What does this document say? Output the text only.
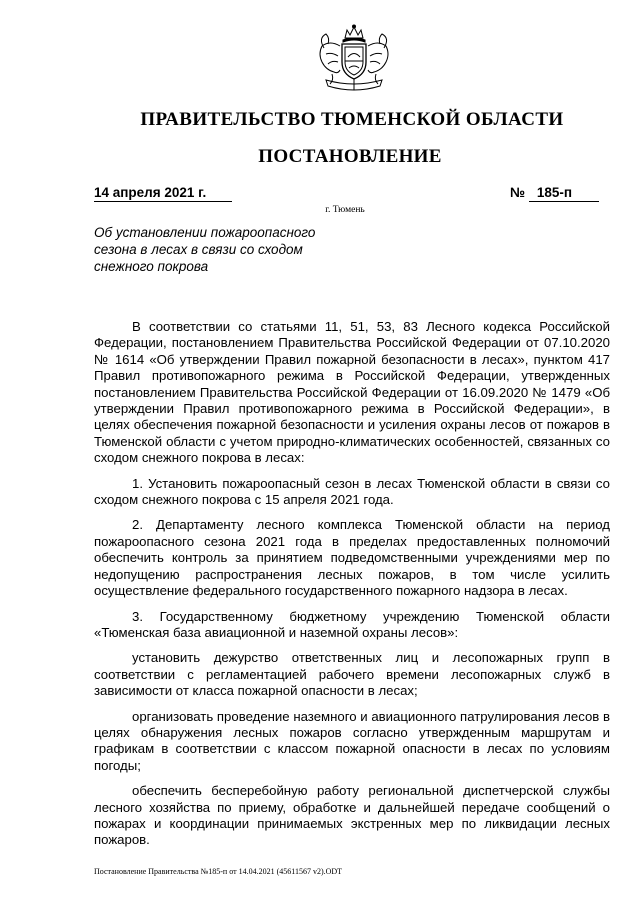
ПРАВИТЕЛЬСТВО ТЮМЕНСКОЙ ОБЛАСТИ
ПОСТАНОВЛЕНИЕ
14 апреля 2021 г.	№ 185-п
г. Тюмень
Об установлении пожароопасного сезона в лесах в связи со сходом снежного покрова

В соответствии со статьями 11, 51, 53, 83 Лесного кодекса Российской Федерации, постановлением Правительства Российской Федерации от 07.10.2020 № 1614 «Об утверждении Правил пожарной безопасности в лесах», пунктом 417 Правил противопожарного режима в Российской Федерации, утвержденных постановлением Правительства Российской Федерации от 16.09.2020 № 1479 «Об утверждении Правил противопожарного режима в Российской Федерации», в целях обеспечения пожарной безопасности и усиления охраны лесов от пожаров в Тюменской области с учетом природно-климатических особенностей, связанных со сходом снежного покрова в лесах:

1. Установить пожароопасный сезон в лесах Тюменской области в связи со сходом снежного покрова с 15 апреля 2021 года.

2. Департаменту лесного комплекса Тюменской области на период пожароопасного сезона 2021 года в пределах предоставленных полномочий обеспечить контроль за принятием подведомственными учреждениями мер по недопущению распространения лесных пожаров, в том числе усилить осуществление федерального государственного пожарного надзора в лесах.

3. Государственному бюджетному учреждению Тюменской области «Тюменская база авиационной и наземной охраны лесов»:

установить дежурство ответственных лиц и лесопожарных групп в соответствии с регламентацией рабочего времени лесопожарных служб в зависимости от класса пожарной опасности в лесах;

организовать проведение наземного и авиационного патрулирования лесов в целях обнаружения лесных пожаров согласно утвержденным маршрутам и графикам в соответствии с классом пожарной опасности в лесах по условиям погоды;

обеспечить бесперебойную работу региональной диспетчерской службы лесного хозяйства по приему, обработке и дальнейшей передаче сообщений о пожарах и координации принимаемых экстренных мер по ликвидации лесных пожаров.

Постановление Правительства №185-п от 14.04.2021 (45611567 v2).ODT
